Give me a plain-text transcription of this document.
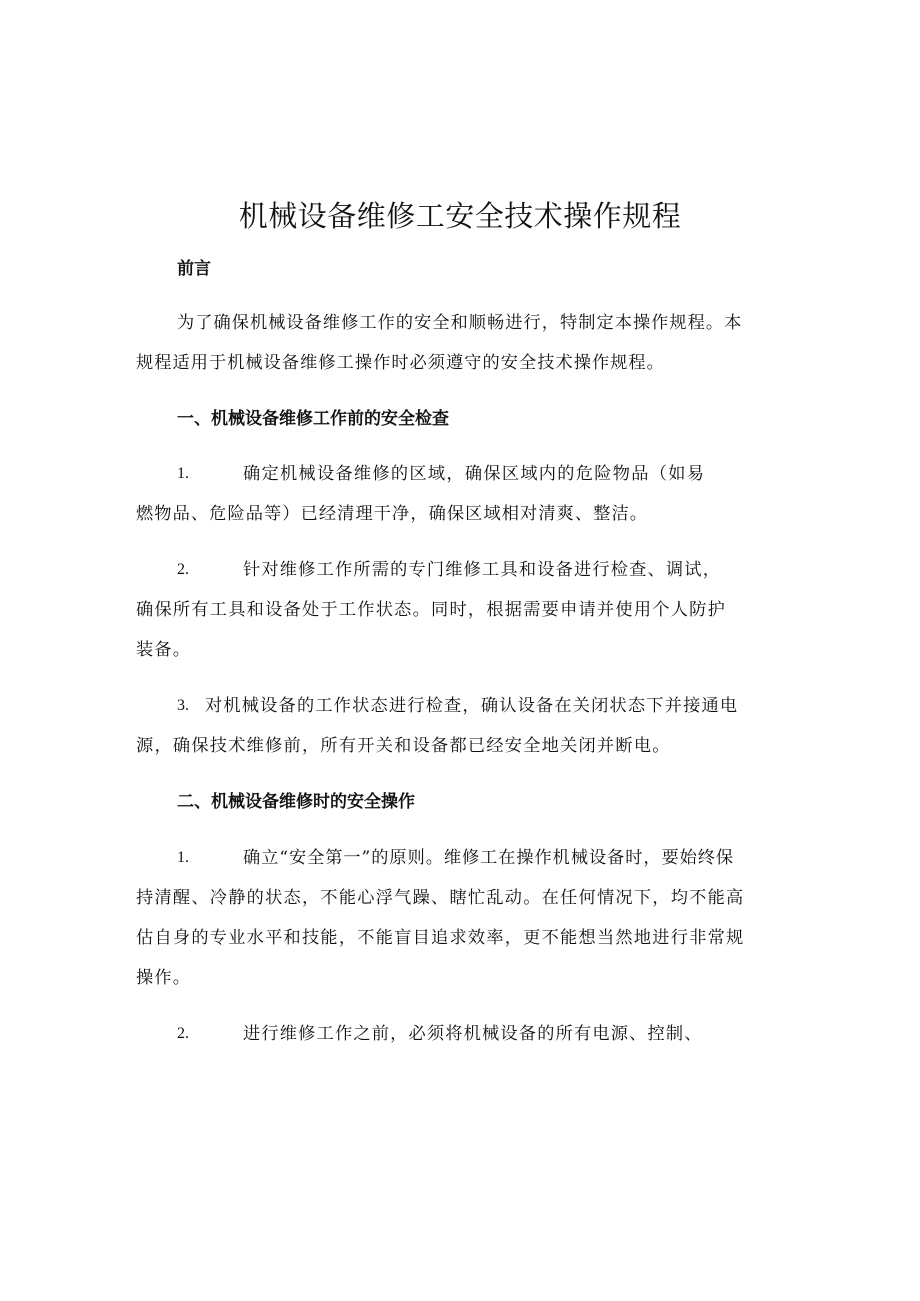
机械设备维修工安全技术操作规程
前言
为了确保机械设备维修工作的安全和顺畅进行，特制定本操作规程。本
规程适用于机械设备维修工操作时必须遵守的安全技术操作规程。
一、机械设备维修工作前的安全检查
1.	确定机械设备维修的区域，确保区域内的危险物品（如易
燃物品、危险品等）已经清理干净，确保区域相对清爽、整洁。
2.	针对维修工作所需的专门维修工具和设备进行检查、调试，
确保所有工具和设备处于工作状态。同时，根据需要申请并使用个人防护
装备。
3. 对机械设备的工作状态进行检查，确认设备在关闭状态下并接通电
源，确保技术维修前，所有开关和设备都已经安全地关闭并断电。
二、机械设备维修时的安全操作
1.	确立“安全第一”的原则。维修工在操作机械设备时，要始终保
持清醒、冷静的状态，不能心浮气躁、瞎忙乱动。在任何情况下，均不能高
估自身的专业水平和技能，不能盲目追求效率，更不能想当然地进行非常规
操作。
2.	进行维修工作之前，必须将机械设备的所有电源、控制、
